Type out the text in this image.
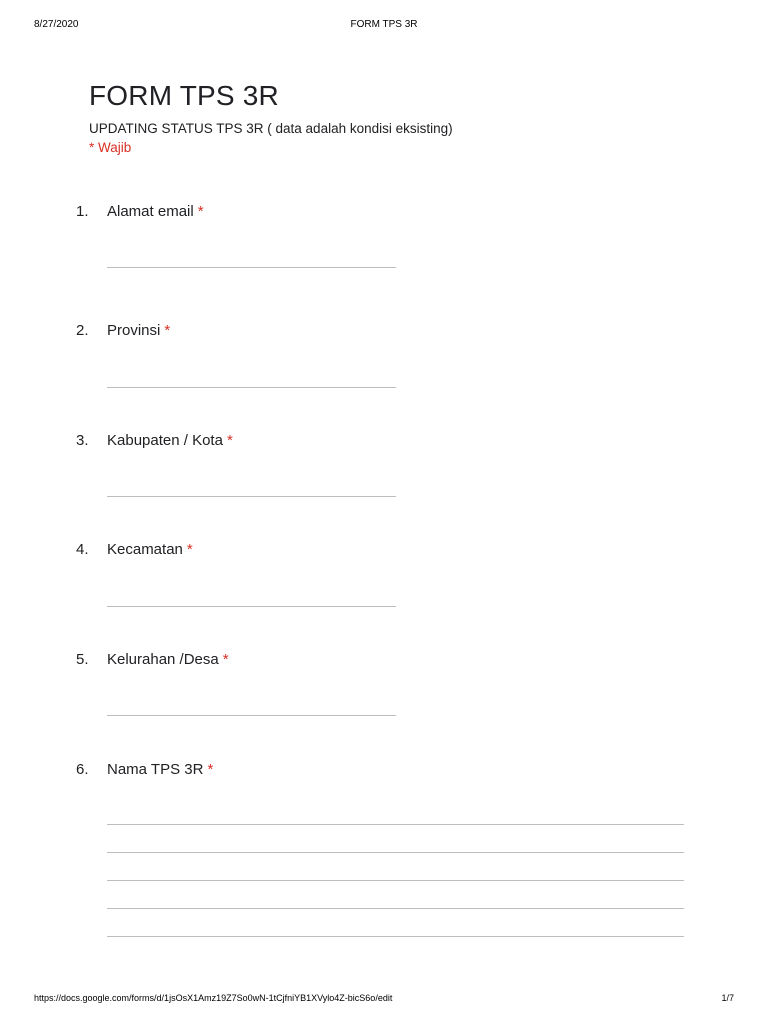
8/27/2020	FORM TPS 3R
FORM TPS 3R
UPDATING STATUS TPS 3R ( data adalah kondisi eksisting)
* Wajib
1. Alamat email *
2. Provinsi *
3. Kabupaten / Kota *
4. Kecamatan *
5. Kelurahan /Desa *
6. Nama TPS 3R *
https://docs.google.com/forms/d/1jsOsX1Amz19Z7So0wN-1tCjfniYB1XVylo4Z-bicS6o/edit	1/7
